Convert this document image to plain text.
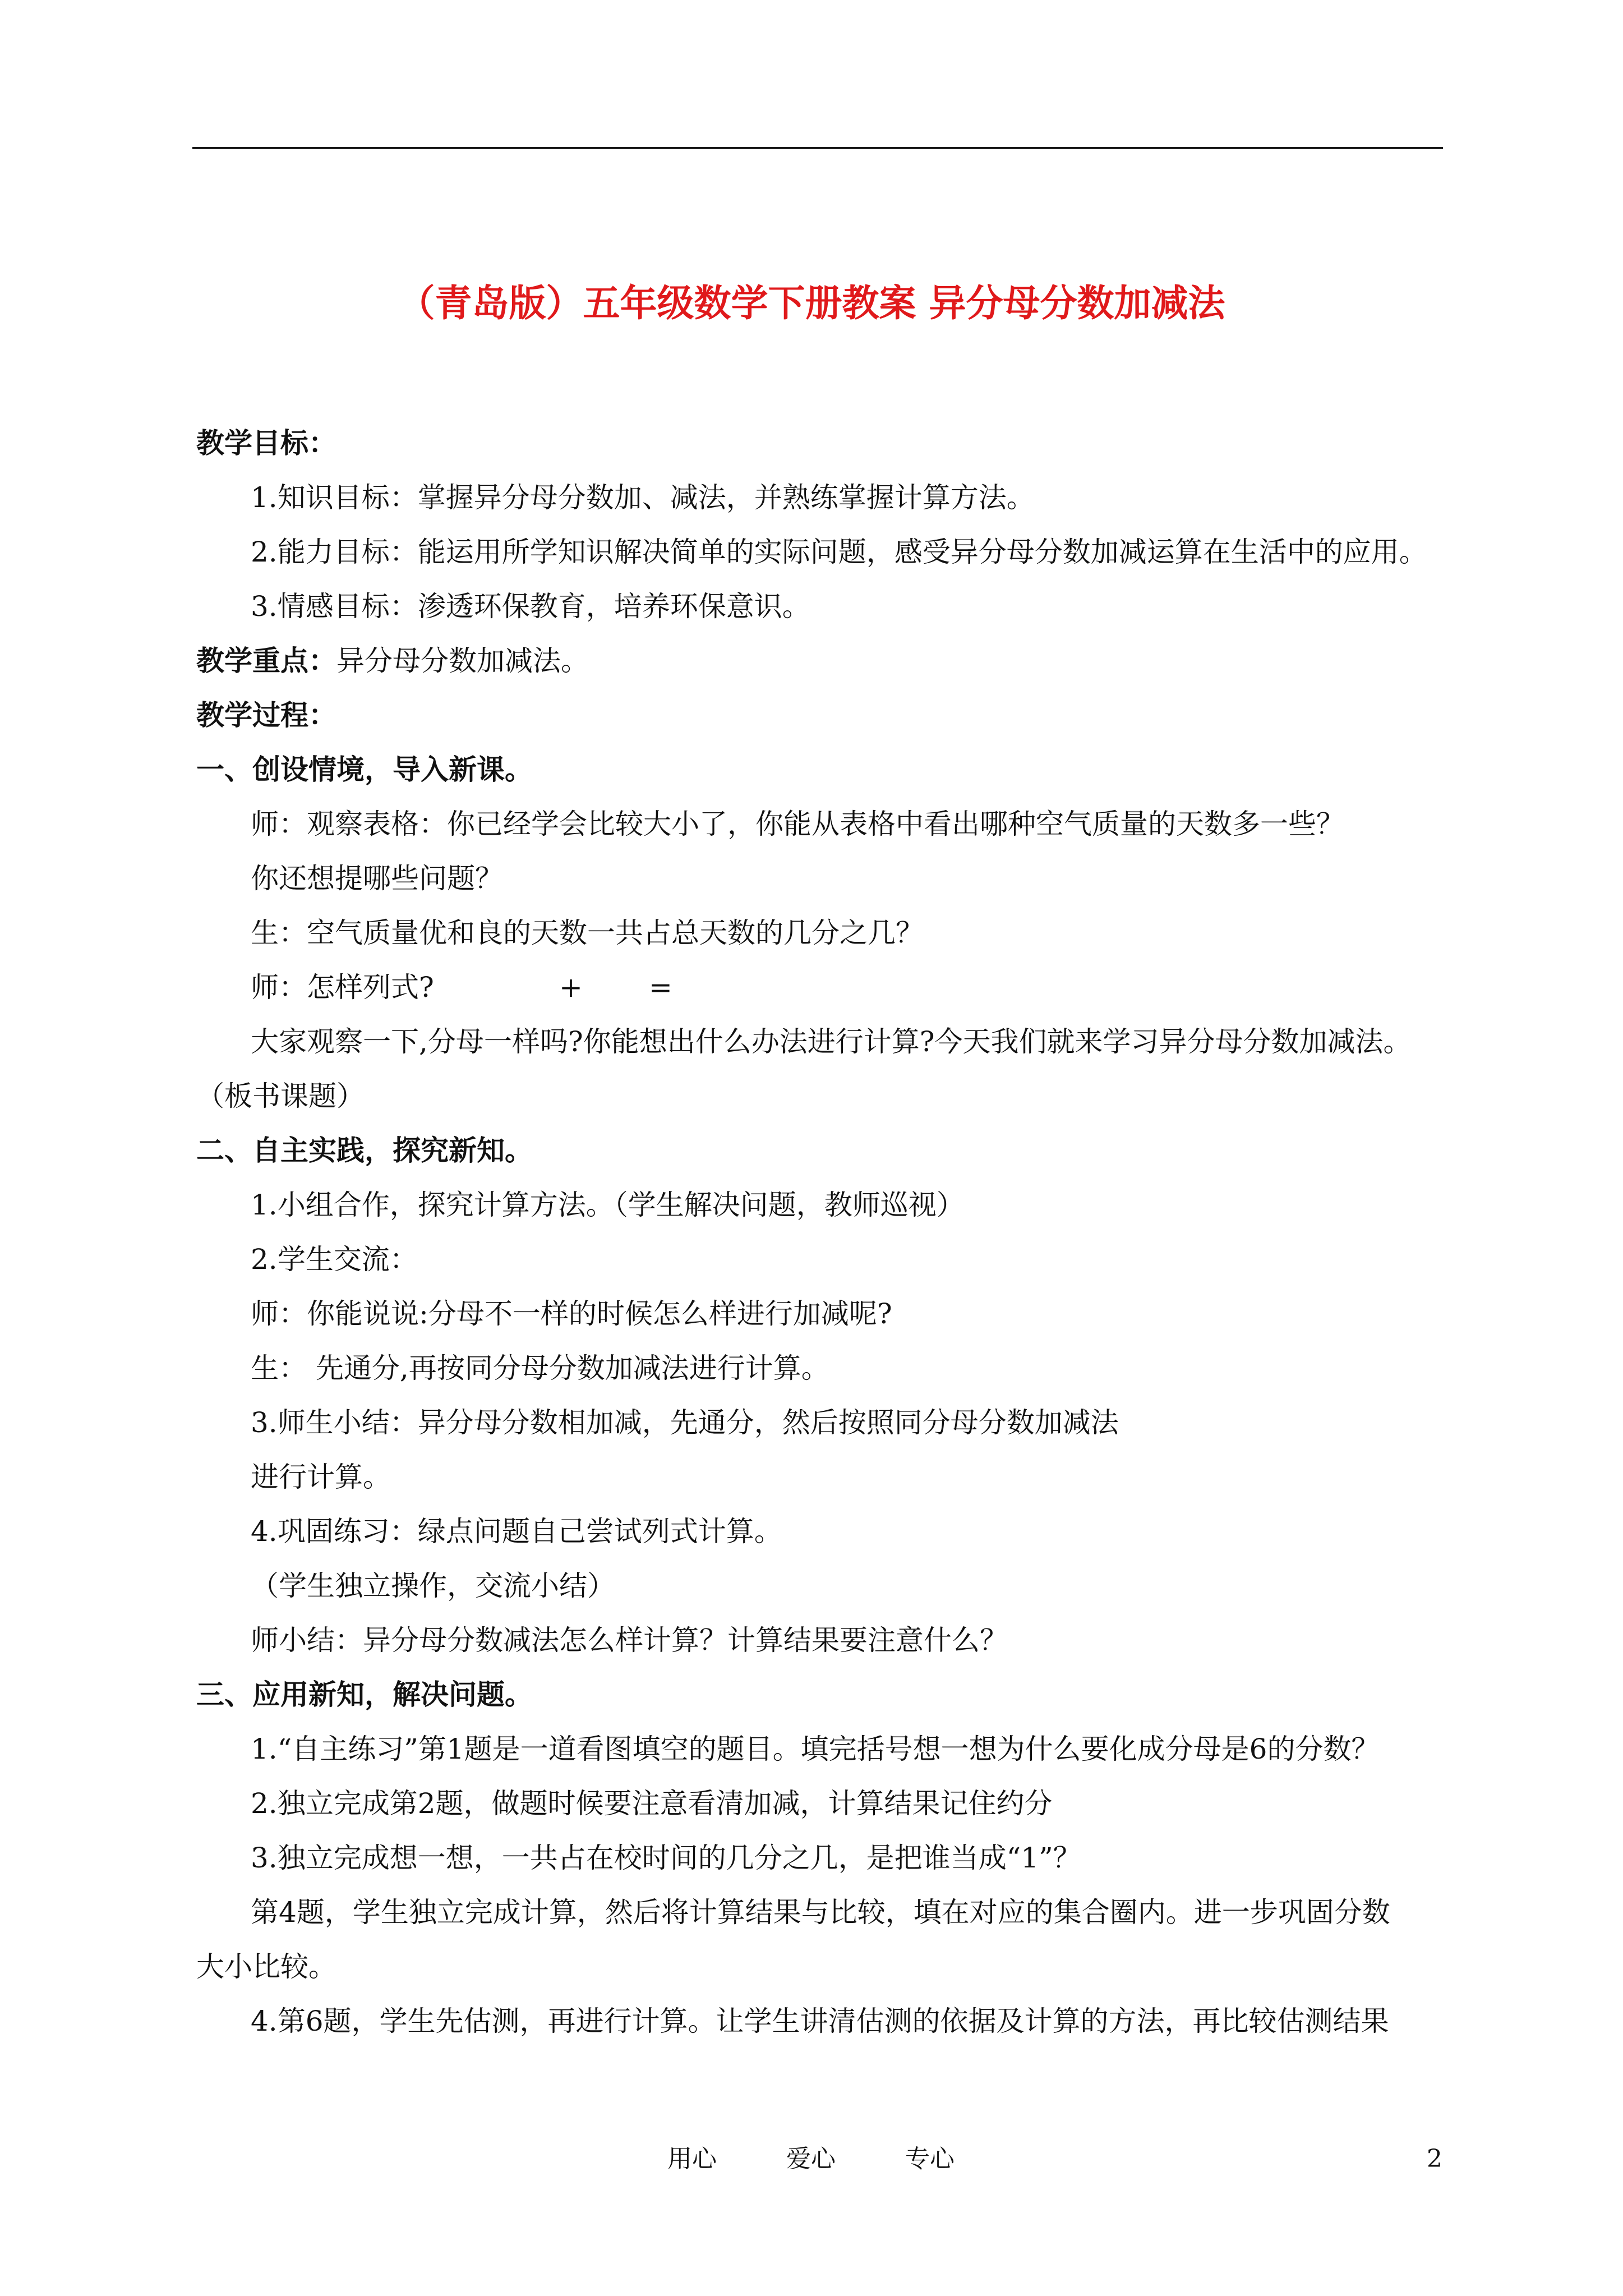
（青岛版）五年级数学下册教案 异分母分数加减法

教学目标：

1.知识目标：掌握异分母分数加、减法，并熟练掌握计算方法。

2.能力目标：能运用所学知识解决简单的实际问题，感受异分母分数加减运算在生活中的应用。

3.情感目标：渗透环保教育，培养环保意识。

教学重点：异分母分数加减法。

教学过程：

一、创设情境，导入新课。

师：观察表格：你已经学会比较大小了，你能从表格中看出哪种空气质量的天数多一些？

你还想提哪些问题？

生：空气质量优和良的天数一共占总天数的几分之几？

师：怎样列式?	+ =

大家观察一下,分母一样吗?你能想出什么办法进行计算?今天我们就来学习异分母分数加减法。

（板书课题）

二、自主实践，探究新知。

1.小组合作，探究计算方法。（学生解决问题，教师巡视）

2.学生交流：

师：你能说说:分母不一样的时候怎么样进行加减呢?

生： 先通分,再按同分母分数加减法进行计算。

3.师生小结：异分母分数相加减，先通分，然后按照同分母分数加减法

进行计算。

4.巩固练习：绿点问题自己尝试列式计算。

（学生独立操作，交流小结）

师小结：异分母分数减法怎么样计算？计算结果要注意什么？

三、应用新知，解决问题。

1.“自主练习”第1题是一道看图填空的题目。填完括号想一想为什么要化成分母是6的分数？

2.独立完成第2题，做题时候要注意看清加减，计算结果记住约分

3.独立完成想一想，一共占在校时间的几分之几，是把谁当成“1”？

第4题，学生独立完成计算，然后将计算结果与比较，填在对应的集合圈内。进一步巩固分数

大小比较。

4.第6题，学生先估测，再进行计算。让学生讲清估测的依据及计算的方法，再比较估测结果

用心	爱心	专心	2
